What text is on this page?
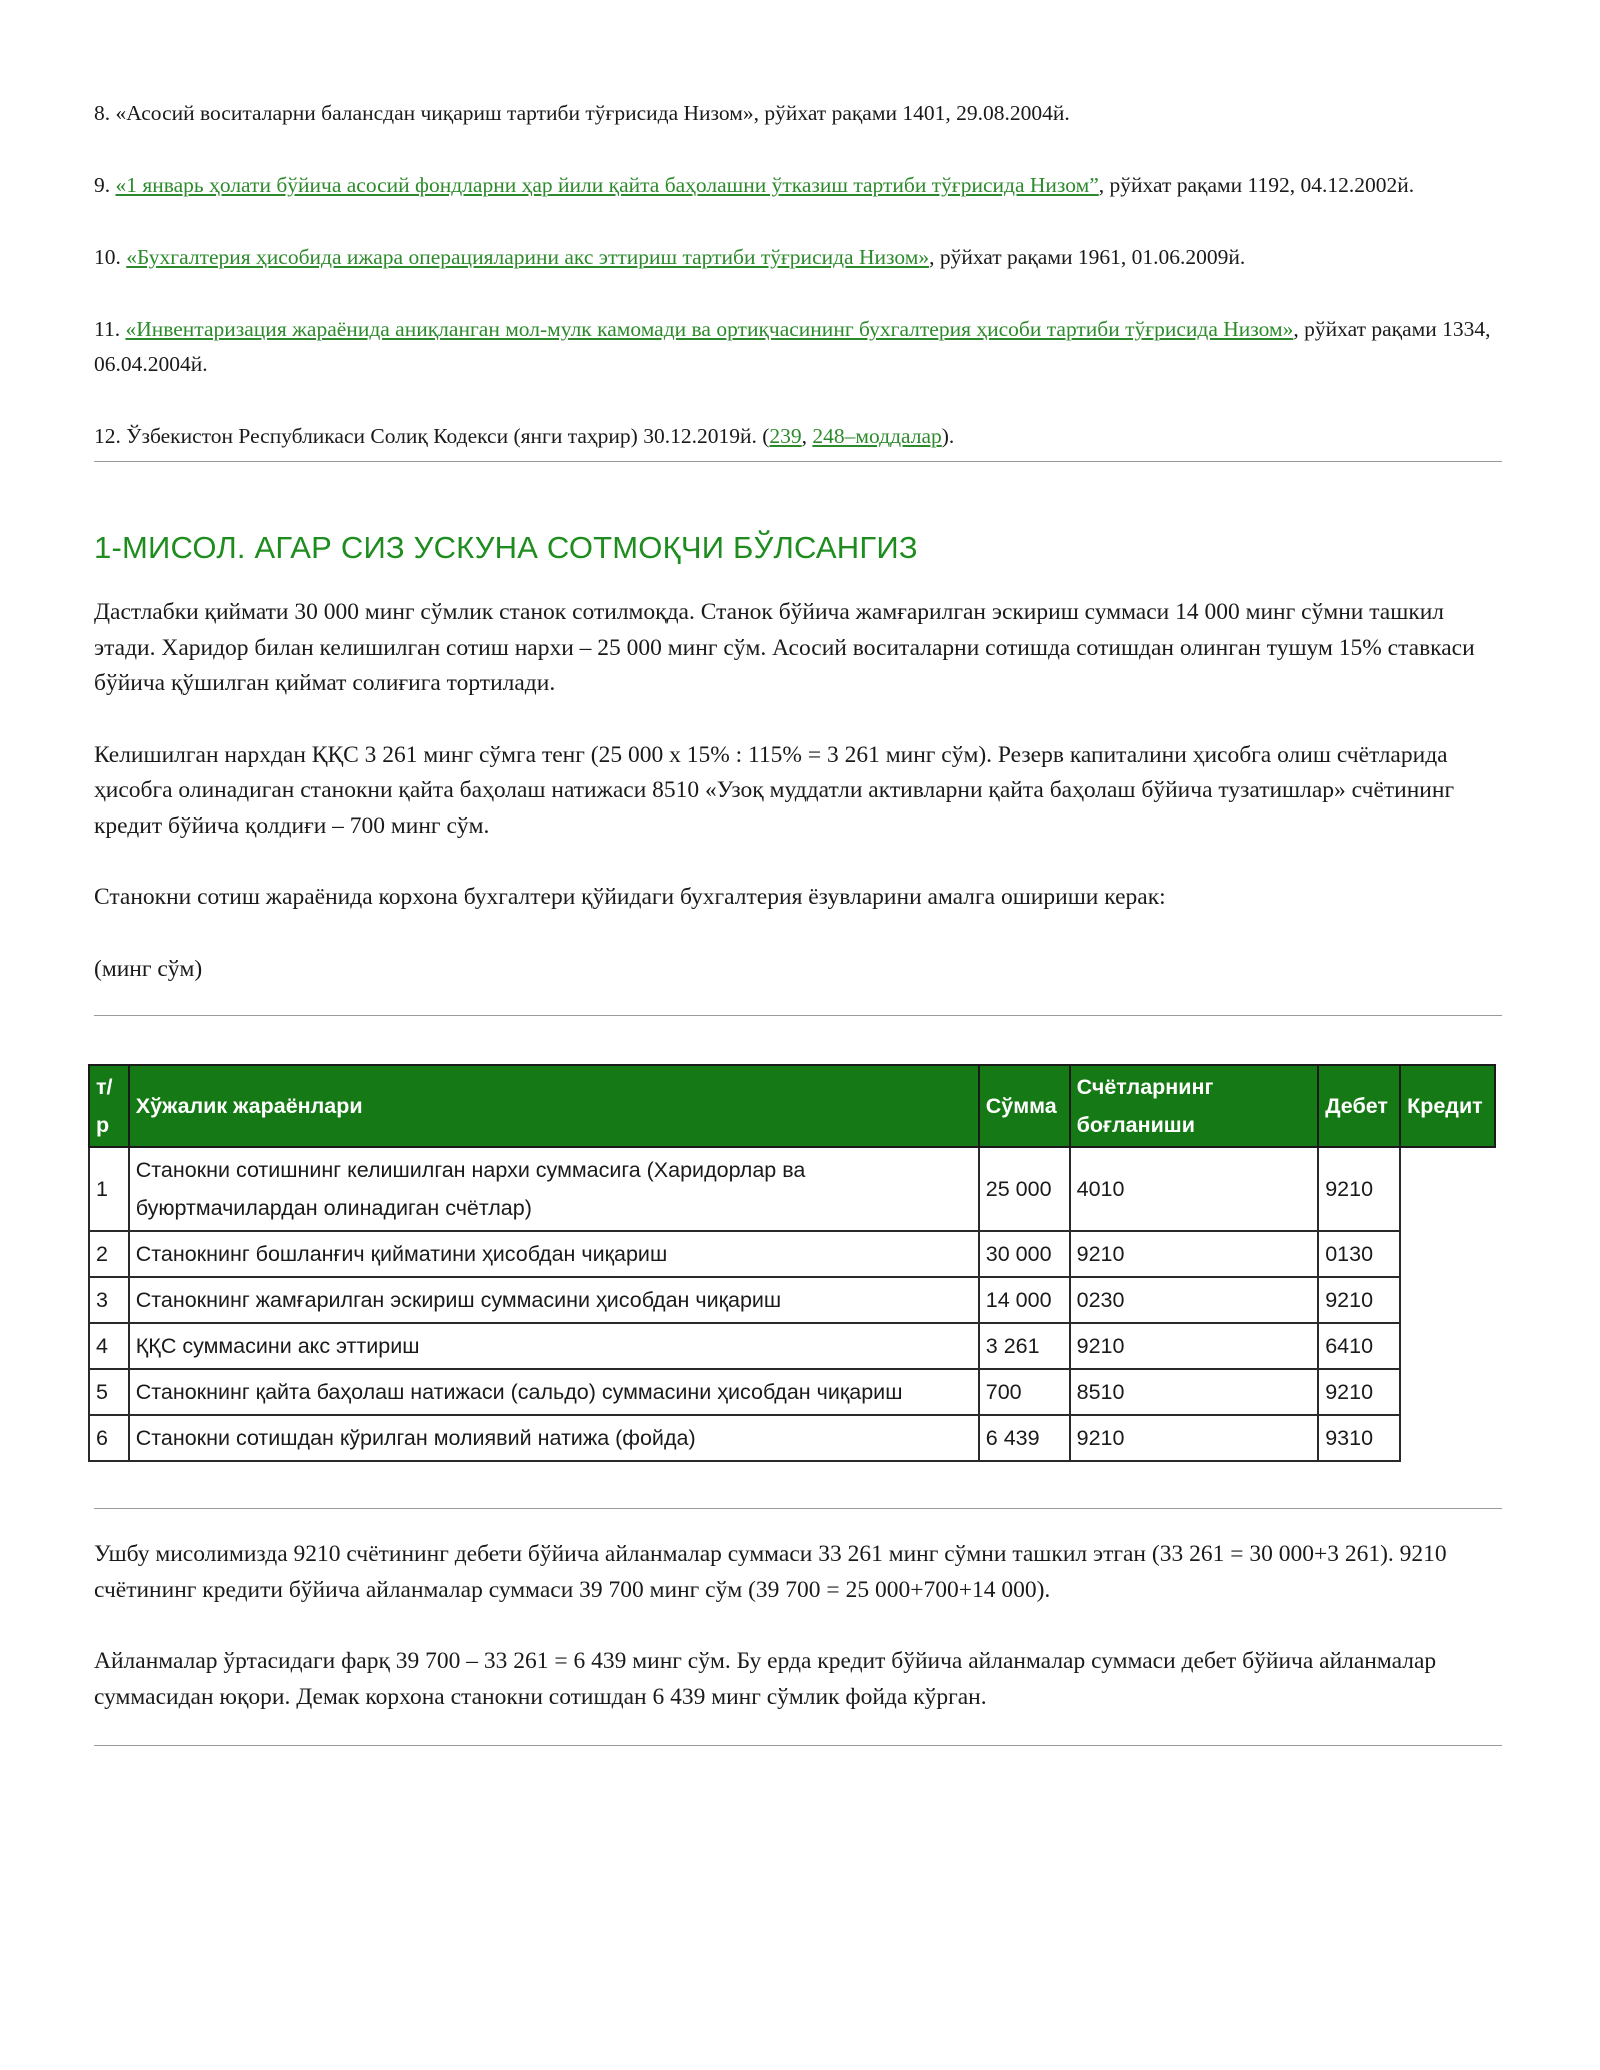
8. «Асосий воситаларни балансдан чиқариш тартиби тўғрисида Низом», рўйхат рақами 1401, 29.08.2004й.

9. «1 январь ҳолати бўйича асосий фондларни ҳар йили қайта баҳолашни ўтказиш тартиби тўғрисида Низом”, рўйхат рақами 1192, 04.12.2002й.

10. «Бухгалтерия ҳисобида ижара операцияларини акс эттириш тартиби тўғрисида Низом», рўйхат рақами 1961, 01.06.2009й.

11. «Инвентаризация жараёнида аниқланган мол-мулк камомади ва ортиқчасининг бухгалтерия ҳисоби тартиби тўғрисида Низом», рўйхат рақами 1334, 06.04.2004й.

12. Ўзбекистон Республикаси Солиқ Кодекси (янги таҳрир) 30.12.2019й. (239, 248–моддалар).

1-МИСОЛ. АГАР СИЗ УСКУНА СОТМОҚЧИ БЎЛСАНГИЗ

Дастлабки қиймати 30 000 минг сўмлик станок сотилмоқда. Станок бўйича жамғарилган эскириш суммаси 14 000 минг сўмни ташкил этади. Харидор билан келишилган сотиш нархи – 25 000 минг сўм. Асосий воситаларни сотишда сотишдан олинган тушум 15% ставкаси бўйича қўшилган қиймат солиғига тортилади.

Келишилган нархдан ҚҚС 3 261 минг сўмга тенг (25 000 х 15% : 115% = 3 261 минг сўм). Резерв капиталини ҳисобга олиш счётларида ҳисобга олинадиган станокни қайта баҳолаш натижаси 8510 «Узоқ муддатли активларни қайта баҳолаш бўйича тузатишлар» счётининг кредит бўйича қолдиғи – 700 минг сўм.

Станокни сотиш жараёнида корхона бухгалтери қўйидаги бухгалтерия ёзувларини амалга ошириши керак:

(минг сўм)

т/р	Хўжалик жараёнлари	Сўмма	Счётларнинг боғланиши	Дебет	Кредит
1	Станокни сотишнинг келишилган нархи суммасига (Харидорлар ва буюртмачилардан олинадиган счётлар)	25 000	4010	9210	
2	Станокнинг бошланғич қийматини ҳисобдан чиқариш	30 000	9210	0130	
3	Станокнинг жамғарилган эскириш суммасини ҳисобдан чиқариш	14 000	0230	9210	
4	ҚҚС суммасини акс эттириш	3 261	9210	6410	
5	Станокнинг қайта баҳолаш натижаси (сальдо) суммасини ҳисобдан чиқариш	700	8510	9210	
6	Станокни сотишдан кўрилган молиявий натижа (фойда)	6 439	9210	9310	

Ушбу мисолимизда 9210 счётининг дебети бўйича айланмалар суммаси 33 261 минг сўмни ташкил этган (33 261 = 30 000+3 261). 9210 счётининг кредити бўйича айланмалар суммаси 39 700 минг сўм (39 700 = 25 000+700+14 000).

Айланмалар ўртасидаги фарқ 39 700 – 33 261 = 6 439 минг сўм. Бу ерда кредит бўйича айланмалар суммаси дебет бўйича айланмалар суммасидан юқори. Демак корхона станокни сотишдан 6 439 минг сўмлик фойда кўрган.
